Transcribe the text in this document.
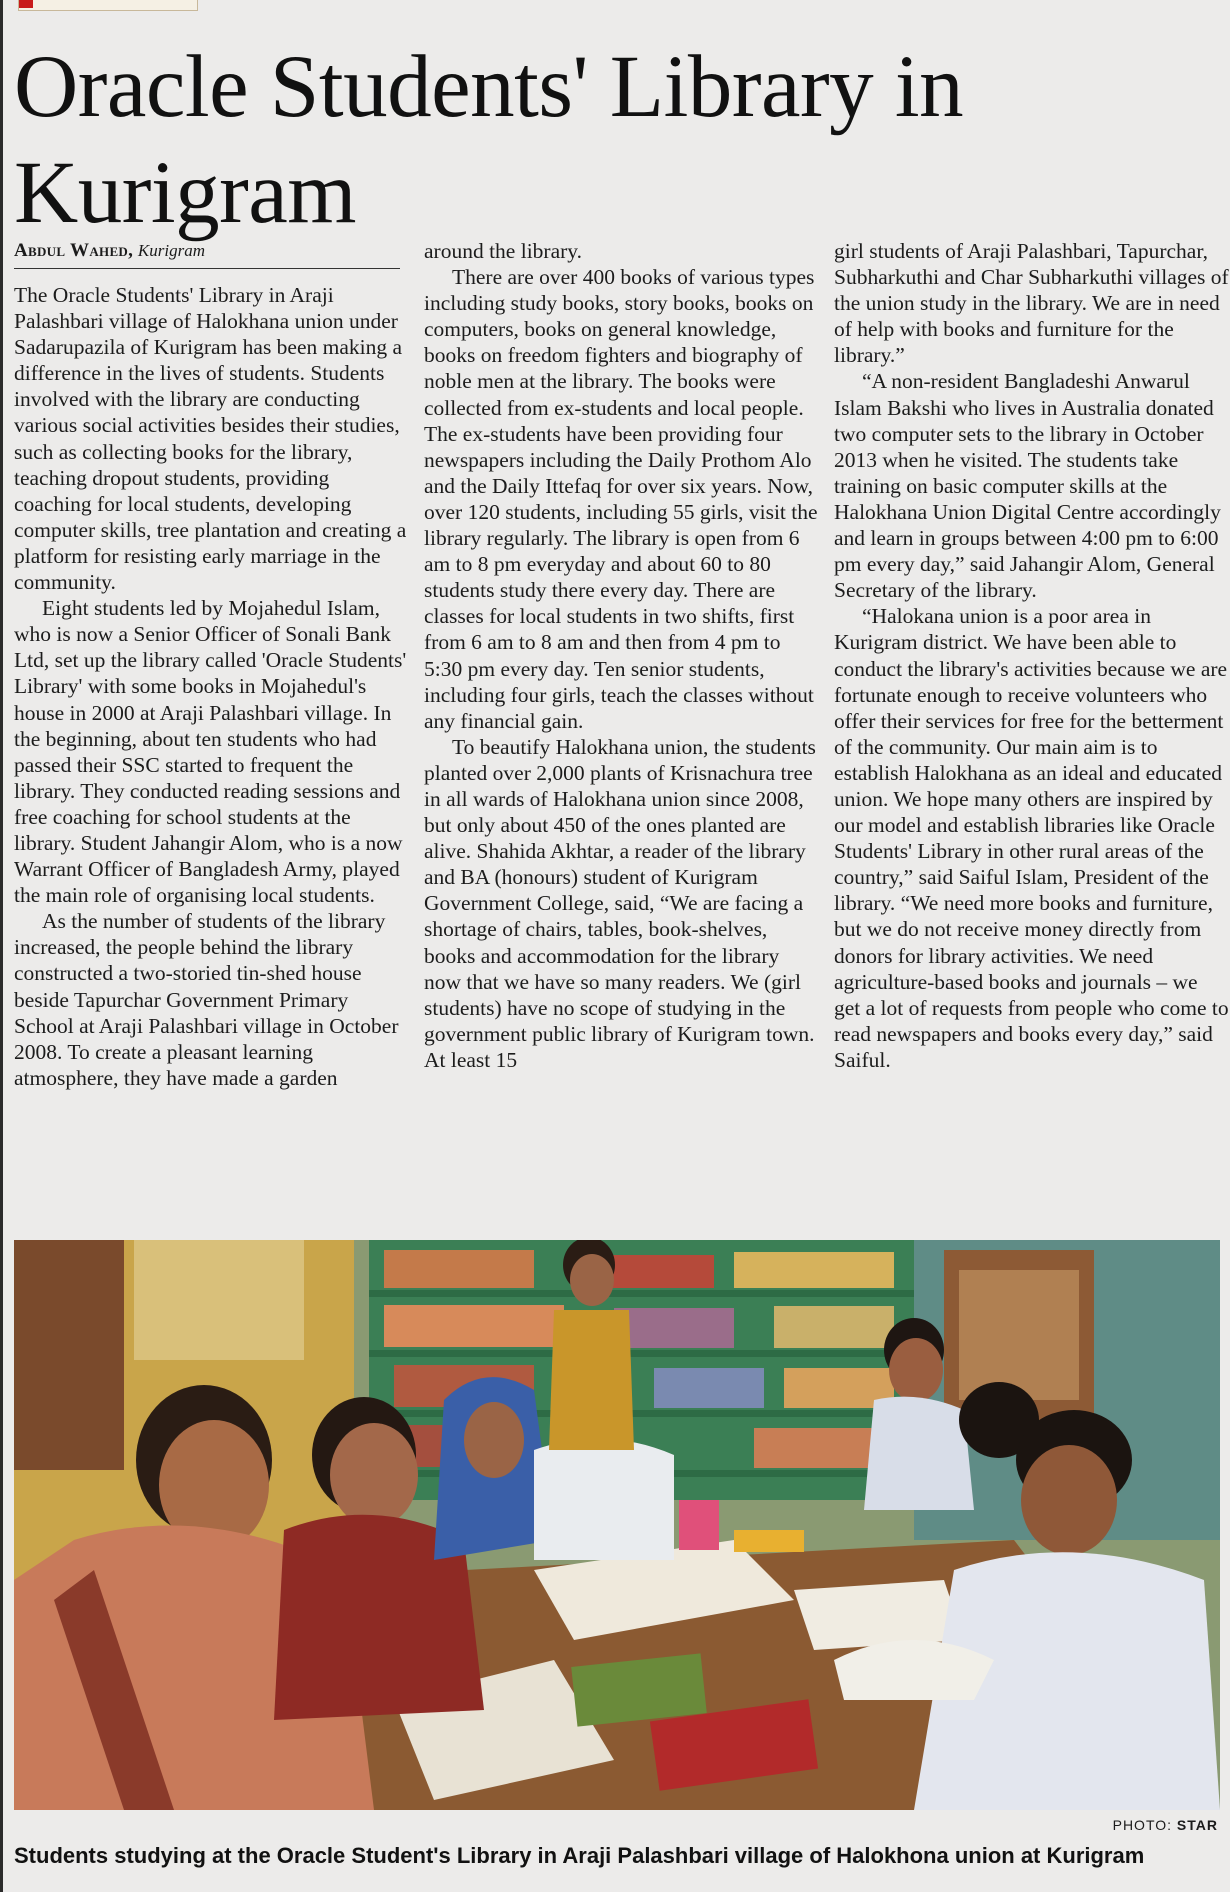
Oracle Students' Library in Kurigram
Abdul Wahed, Kurigram

The Oracle Students' Library in Araji Palashbari village of Halokhana union under Sadarupazila of Kurigram has been making a difference in the lives of students. Students involved with the library are conducting various social activities besides their studies, such as collecting books for the library, teaching dropout students, providing coaching for local students, developing computer skills, tree plantation and creating a platform for resisting early marriage in the community.

Eight students led by Mojahedul Islam, who is now a Senior Officer of Sonali Bank Ltd, set up the library called 'Oracle Students' Library' with some books in Mojahedul's house in 2000 at Araji Palashbari village. In the beginning, about ten students who had passed their SSC started to frequent the library. They conducted reading sessions and free coaching for school students at the library. Student Jahangir Alom, who is a now Warrant Officer of Bangladesh Army, played the main role of organising local students.

As the number of students of the library increased, the people behind the library constructed a two-storied tin-shed house beside Tapurchar Government Primary School at Araji Palashbari village in October 2008. To create a pleasant learning atmosphere, they have made a garden

around the library.

There are over 400 books of various types including study books, story books, books on computers, books on general knowledge, books on freedom fighters and biography of noble men at the library. The books were collected from ex-students and local people. The ex-students have been providing four newspapers including the Daily Prothom Alo and the Daily Ittefaq for over six years. Now, over 120 students, including 55 girls, visit the library regularly. The library is open from 6 am to 8 pm everyday and about 60 to 80 students study there every day. There are classes for local students in two shifts, first from 6 am to 8 am and then from 4 pm to 5:30 pm every day. Ten senior students, including four girls, teach the classes without any financial gain.

To beautify Halokhana union, the students planted over 2,000 plants of Krisnachura tree in all wards of Halokhana union since 2008, but only about 450 of the ones planted are alive. Shahida Akhtar, a reader of the library and BA (honours) student of Kurigram Government College, said, “We are facing a shortage of chairs, tables, book-shelves, books and accommodation for the library now that we have so many readers. We (girl students) have no scope of studying in the government public library of Kurigram town. At least 15

girl students of Araji Palashbari, Tapurchar, Subharkuthi and Char Subharkuthi villages of the union study in the library. We are in need of help with books and furniture for the library.”

“A non-resident Bangladeshi Anwarul Islam Bakshi who lives in Australia donated two computer sets to the library in October 2013 when he visited. The students take training on basic computer skills at the Halokhana Union Digital Centre accordingly and learn in groups between 4:00 pm to 6:00 pm every day,” said Jahangir Alom, General Secretary of the library.

“Halokana union is a poor area in Kurigram district. We have been able to conduct the library's activities because we are fortunate enough to receive volunteers who offer their services for free for the betterment of the community. Our main aim is to establish Halokhana as an ideal and educated union. We hope many others are inspired by our model and establish libraries like Oracle Students' Library in other rural areas of the country,” said Saiful Islam, President of the library. “We need more books and furniture, but we do not receive money directly from donors for library activities. We need agriculture-based books and journals – we get a lot of requests from people who come to read newspapers and books every day,” said Saiful.

PHOTO: STAR
Students studying at the Oracle Student's Library in Araji Palashbari village of Halokhona union at Kurigram
